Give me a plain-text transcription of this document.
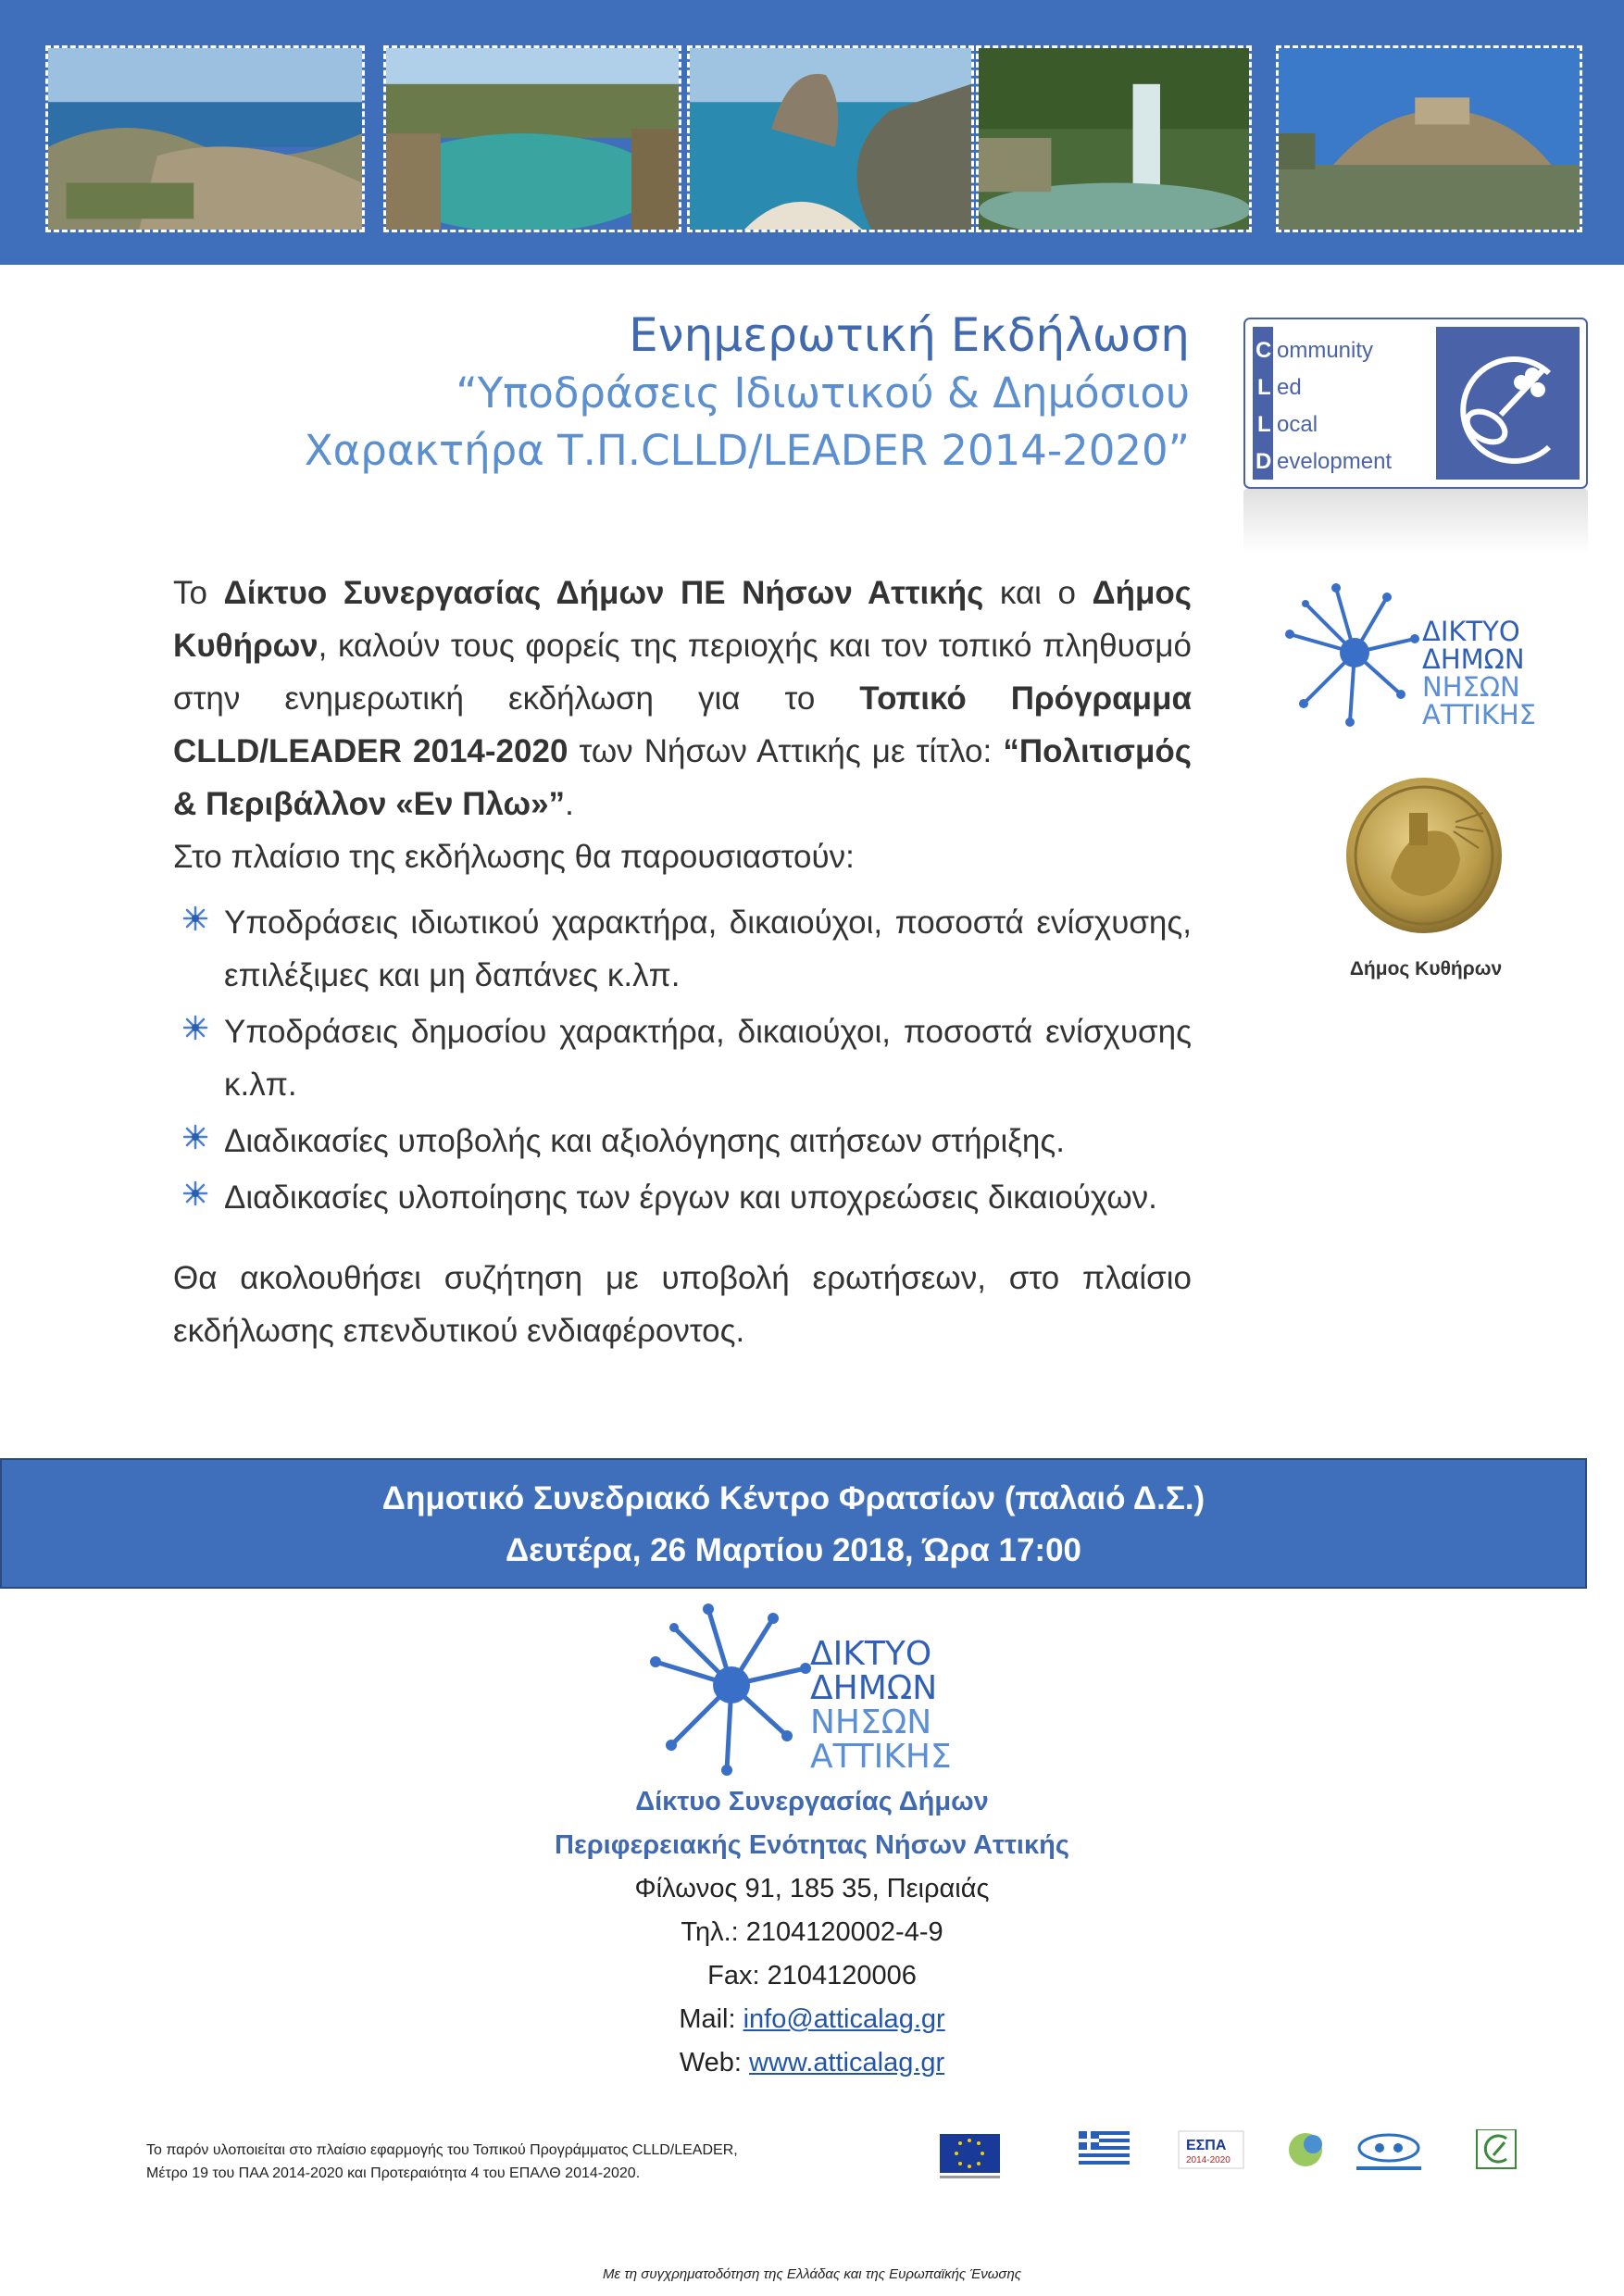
Ενημερωτική Εκδήλωση
“Υποδράσεις Ιδιωτικού & Δημόσιου
Χαρακτήρα Τ.Π.CLLD/LEADER 2014-2020”
C
L
L
D
ommunity
ed
ocal
evelopment

Το Δίκτυο Συνεργασίας Δήμων ΠΕ Νήσων Αττικής και ο Δήμος Κυθήρων, καλούν τους φορείς της περιοχής και τον τοπικό πληθυσμό στην ενημερωτική εκδήλωση για το Τοπικό Πρόγραμμα CLLD/LEADER 2014-2020 των Νήσων Αττικής με τίτλο: “Πολιτισμός & Περιβάλλον «Εν Πλω»”.

Στο πλαίσιο της εκδήλωσης θα παρουσιαστούν:

Υποδράσεις ιδιωτικού χαρακτήρα, δικαιούχοι, ποσοστά ενίσχυσης, επιλέξιμες και μη δαπάνες κ.λπ.
Υποδράσεις δημοσίου χαρακτήρα, δικαιούχοι, ποσοστά ενίσχυσης κ.λπ.
Διαδικασίες υποβολής και αξιολόγησης αιτήσεων στήριξης.
Διαδικασίες υλοποίησης των έργων και υποχρεώσεις δικαιούχων.

Θα ακολουθήσει συζήτηση με υποβολή ερωτήσεων, στο πλαίσιο εκδήλωσης επενδυτικού ενδιαφέροντος.

ΔΙΚΤΥΟ
ΔΗΜΩΝ
ΝΗΣΩΝ
ΑΤΤΙΚΗΣ
Δήμος Κυθήρων
Δημοτικό Συνεδριακό Κέντρο Φρατσίων (παλαιό Δ.Σ.)
Δευτέρα, 26 Μαρτίου 2018, Ώρα 17:00
ΔΙΚΤΥΟ
ΔΗΜΩΝ
ΝΗΣΩΝ
ΑΤΤΙΚΗΣ
Δίκτυο Συνεργασίας Δήμων
Περιφερειακής Ενότητας Νήσων Αττικής
Φίλωνος 91, 185 35, Πειραιάς
Τηλ.: 2104120002-4-9
Fax: 2104120006
Mail: info@atticalag.gr
Web: www.atticalag.gr
Το παρόν υλοποιείται στο πλαίσιο εφαρμογής του Τοπικού Προγράμματος CLLD/LEADER,
Μέτρο 19 του ΠΑΑ 2014-2020 και Προτεραιότητα 4 του ΕΠΑΛΘ 2014-2020.
ΕΣΠΑ
2014-2020
Με τη συγχρηματοδότηση της Ελλάδας και της Ευρωπαϊκής Ένωσης
